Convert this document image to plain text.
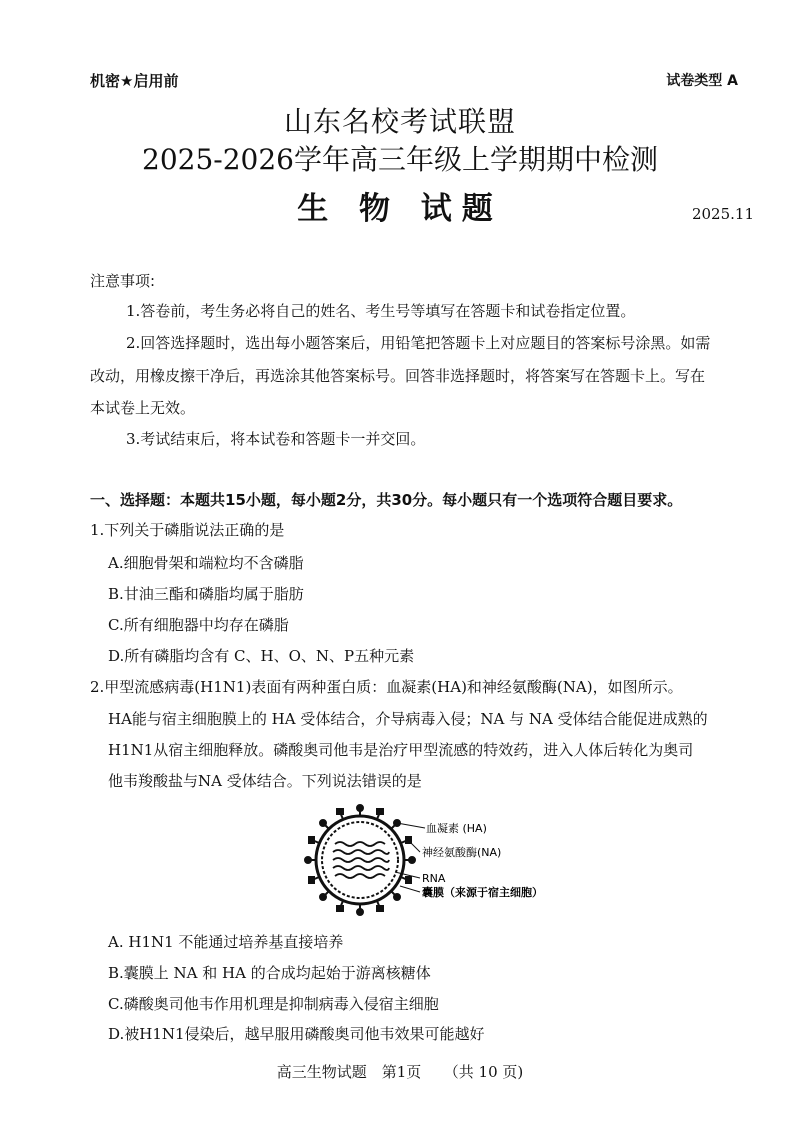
机密★启用前	试卷类型 A
山东名校考试联盟
2025-2026学年高三年级上学期期中检测
生 物 试题	2025.11
注意事项:
1.答卷前，考生务必将自己的姓名、考生号等填写在答题卡和试卷指定位置。
2.回答选择题时，选出每小题答案后，用铅笔把答题卡上对应题目的答案标号涂黑。如需
改动，用橡皮擦干净后，再选涂其他答案标号。回答非选择题时，将答案写在答题卡上。写在
本试卷上无效。
3.考试结束后，将本试卷和答题卡一并交回。
一、选择题：本题共15小题，每小题2分，共30分。每小题只有一个选项符合题目要求。
1.下列关于磷脂说法正确的是
A.细胞骨架和端粒均不含磷脂
B.甘油三酯和磷脂均属于脂肪
C.所有细胞器中均存在磷脂
D.所有磷脂均含有 C、H、O、N、P五种元素
2.甲型流感病毒(H1N1)表面有两种蛋白质：血凝素(HA)和神经氨酸酶(NA)，如图所示。
HA能与宿主细胞膜上的 HA 受体结合，介导病毒入侵；NA 与 NA 受体结合能促进成熟的
H1N1从宿主细胞释放。磷酸奥司他韦是治疗甲型流感的特效药，进入人体后转化为奥司
他韦羧酸盐与NA 受体结合。下列说法错误的是
血凝素 (HA)
神经氨酸酶(NA)
RNA
囊膜（来源于宿主细胞）
A. H1N1 不能通过培养基直接培养
B.囊膜上 NA 和 HA 的合成均起始于游离核糖体
C.磷酸奥司他韦作用机理是抑制病毒入侵宿主细胞
D.被H1N1侵染后，越早服用磷酸奥司他韦效果可能越好
高三生物试题　第1页　　（共 10 页)
